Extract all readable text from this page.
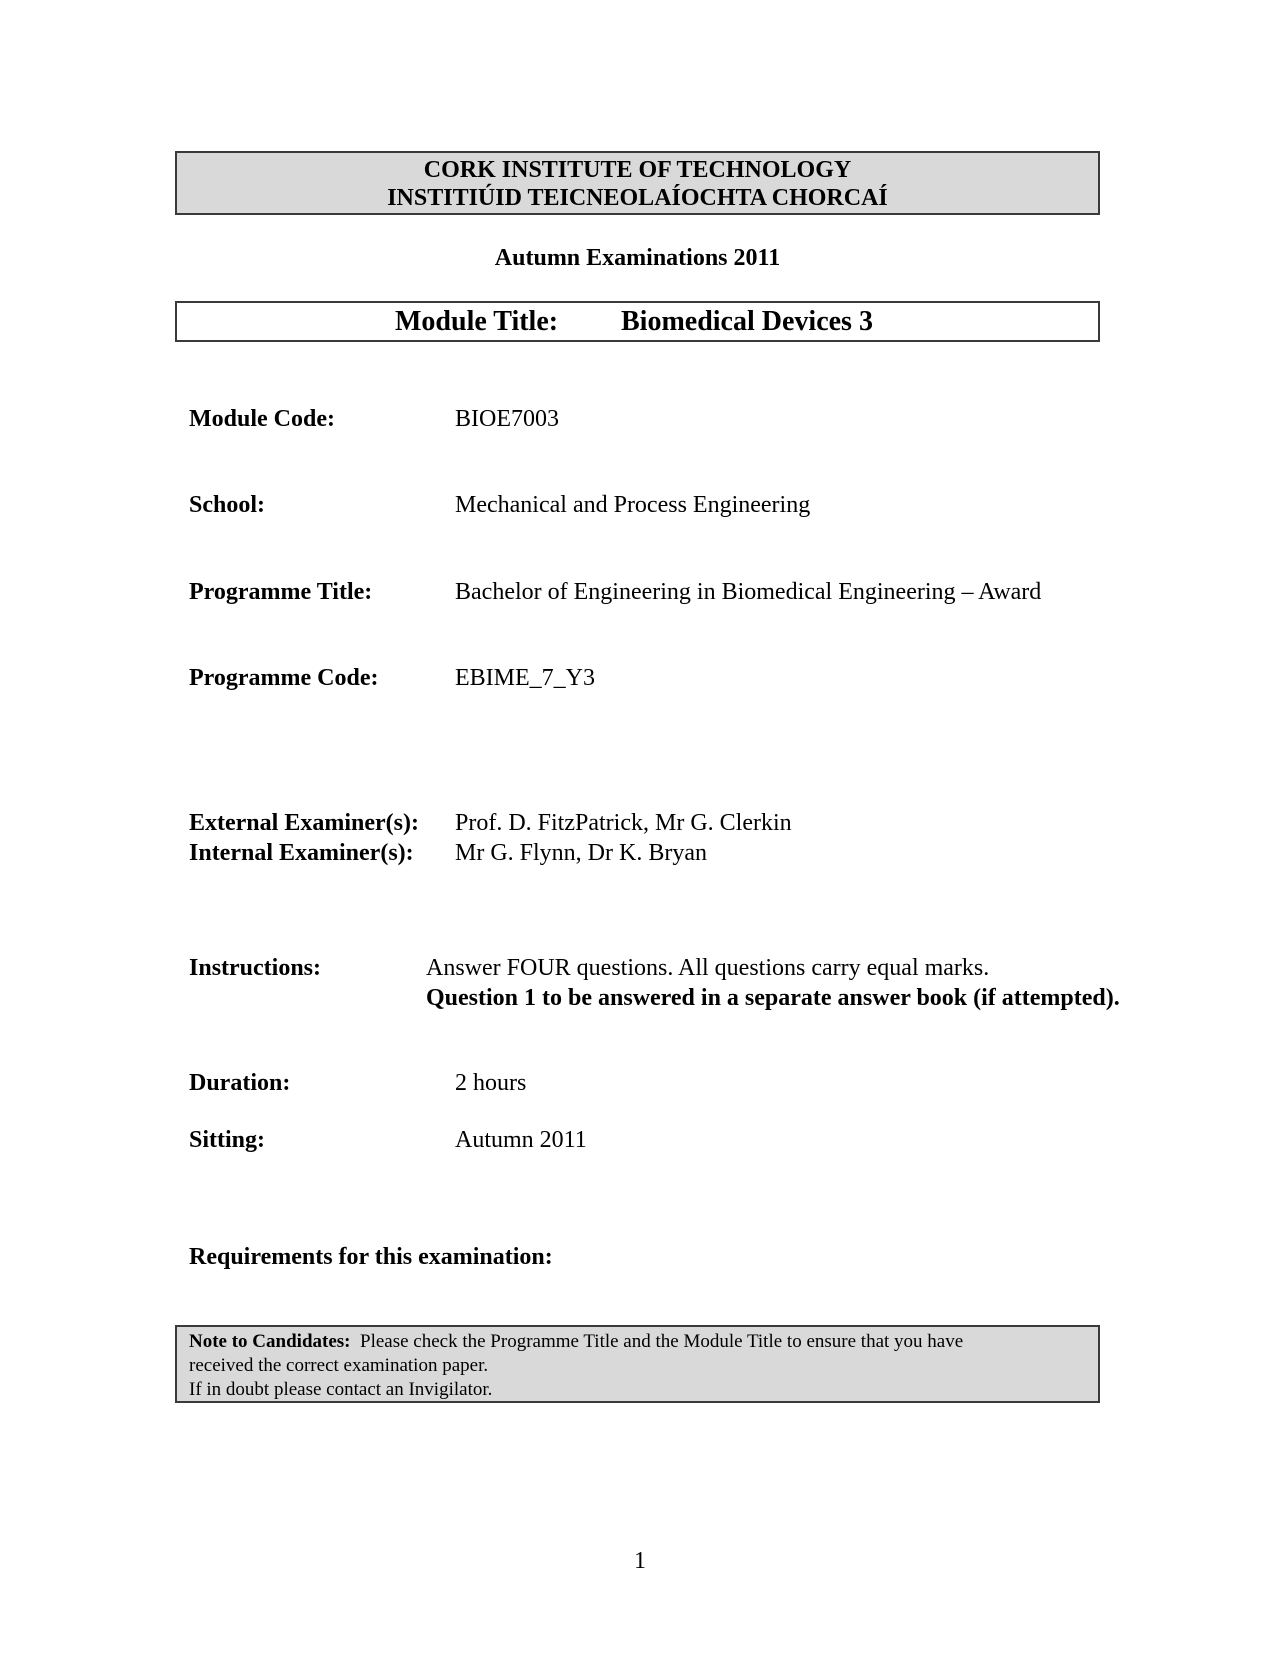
CORK INSTITUTE OF TECHNOLOGY
INSTITIÚID TEICNEOLAÍOCHTA CHORCAÍ
Autumn Examinations 2011
Module Title: Biomedical Devices 3
Module Code:	BIOE7003
School:	Mechanical and Process Engineering
Programme Title:	Bachelor of Engineering in Biomedical Engineering – Award
Programme Code:	EBIME_7_Y3
External Examiner(s): Prof. D. FitzPatrick, Mr G. Clerkin
Internal Examiner(s): Mr G. Flynn, Dr K. Bryan
Instructions:	Answer FOUR questions. All questions carry equal marks.
Question 1 to be answered in a separate answer book (if attempted).
Duration:	2 hours
Sitting:	Autumn 2011
Requirements for this examination:
Note to Candidates: Please check the Programme Title and the Module Title to ensure that you have
received the correct examination paper.
If in doubt please contact an Invigilator.
1
